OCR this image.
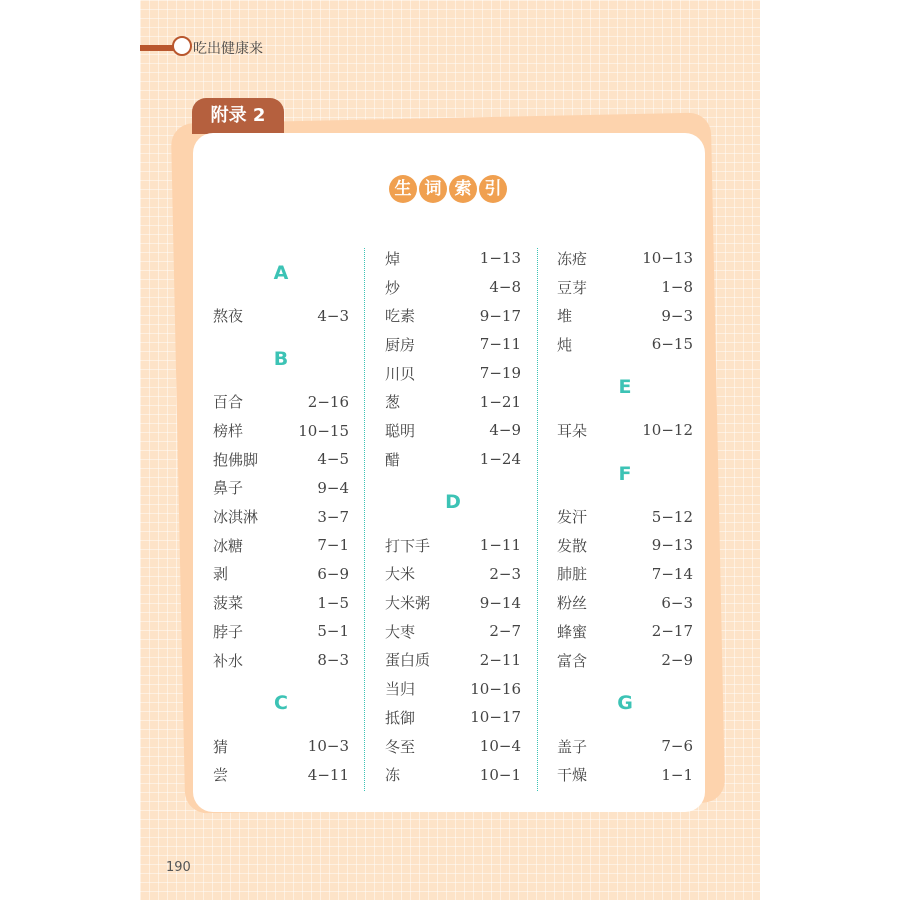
吃出健康来
附录 2
生 词 索 引
A
熬夜	4−3
B
百合	2−16
榜样	10−15
抱佛脚	4−5
鼻子	9−4
冰淇淋	3−7
冰糖	7−1
剥	6−9
菠菜	1−5
脖子	5−1
补水	8−3
C
猜	10−3
尝	4−11
焯	1−13
炒	4−8
吃素	9−17
厨房	7−11
川贝	7−19
葱	1−21
聪明	4−9
醋	1−24
D
打下手	1−11
大米	2−3
大米粥	9−14
大枣	2−7
蛋白质	2−11
当归	10−16
抵御	10−17
冬至	10−4
冻	10−1
冻疮	10−13
豆芽	1−8
堆	9−3
炖	6−15
E
耳朵	10−12
F
发汗	5−12
发散	9−13
肺脏	7−14
粉丝	6−3
蜂蜜	2−17
富含	2−9
G
盖子	7−6
干燥	1−1
190
